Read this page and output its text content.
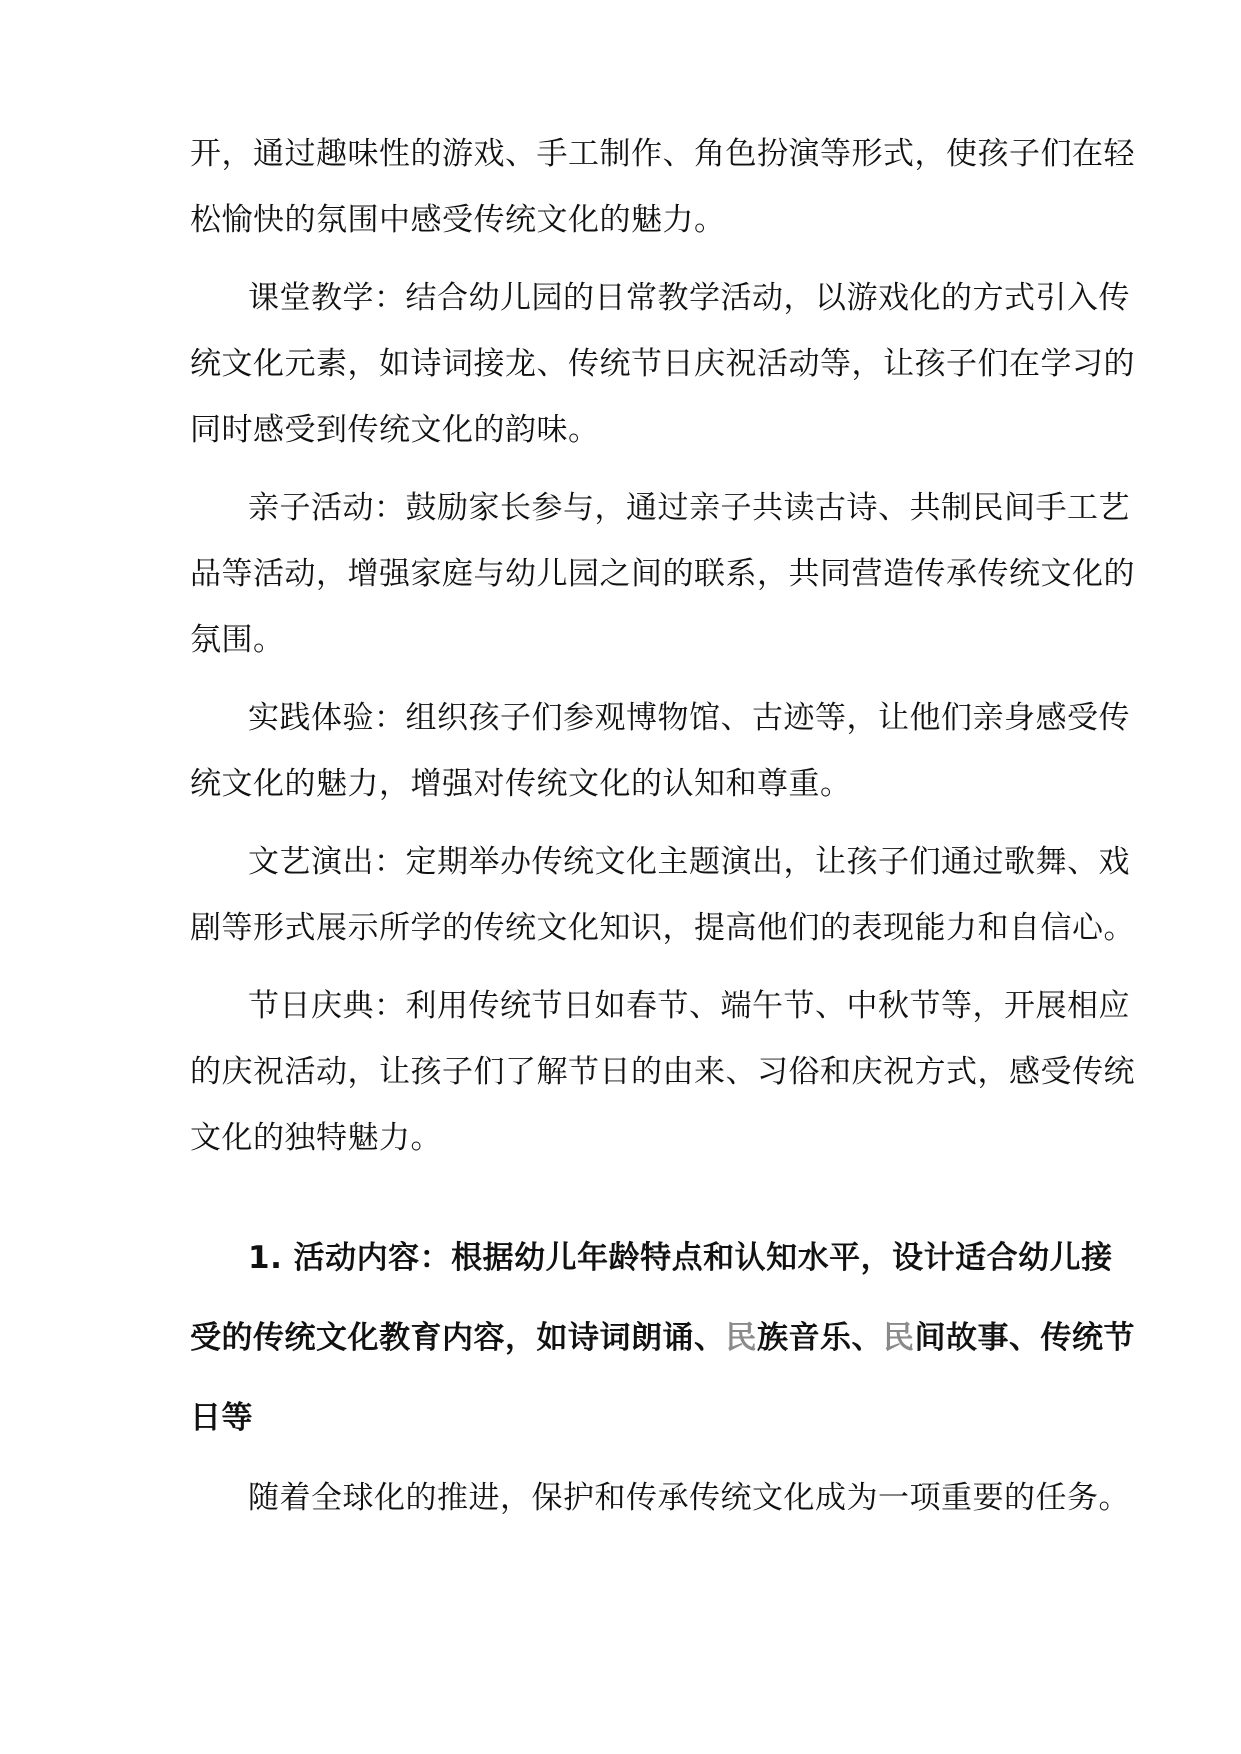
开，通过趣味性的游戏、手工制作、角色扮演等形式，使孩子们在轻
松愉快的氛围中感受传统文化的魅力。
课堂教学：结合幼儿园的日常教学活动，以游戏化的方式引入传
统文化元素，如诗词接龙、传统节日庆祝活动等，让孩子们在学习的
同时感受到传统文化的韵味。
亲子活动：鼓励家长参与，通过亲子共读古诗、共制民间手工艺
品等活动，增强家庭与幼儿园之间的联系，共同营造传承传统文化的
氛围。
实践体验：组织孩子们参观博物馆、古迹等，让他们亲身感受传
统文化的魅力，增强对传统文化的认知和尊重。
文艺演出：定期举办传统文化主题演出，让孩子们通过歌舞、戏
剧等形式展示所学的传统文化知识，提高他们的表现能力和自信心。
节日庆典：利用传统节日如春节、端午节、中秋节等，开展相应
的庆祝活动，让孩子们了解节日的由来、习俗和庆祝方式，感受传统
文化的独特魅力。
1. 活动内容：根据幼儿年龄特点和认知水平，设计适合幼儿接
受的传统文化教育内容，如诗词朗诵、民族音乐、民间故事、传统节
日等
随着全球化的推进，保护和传承传统文化成为一项重要的任务。
